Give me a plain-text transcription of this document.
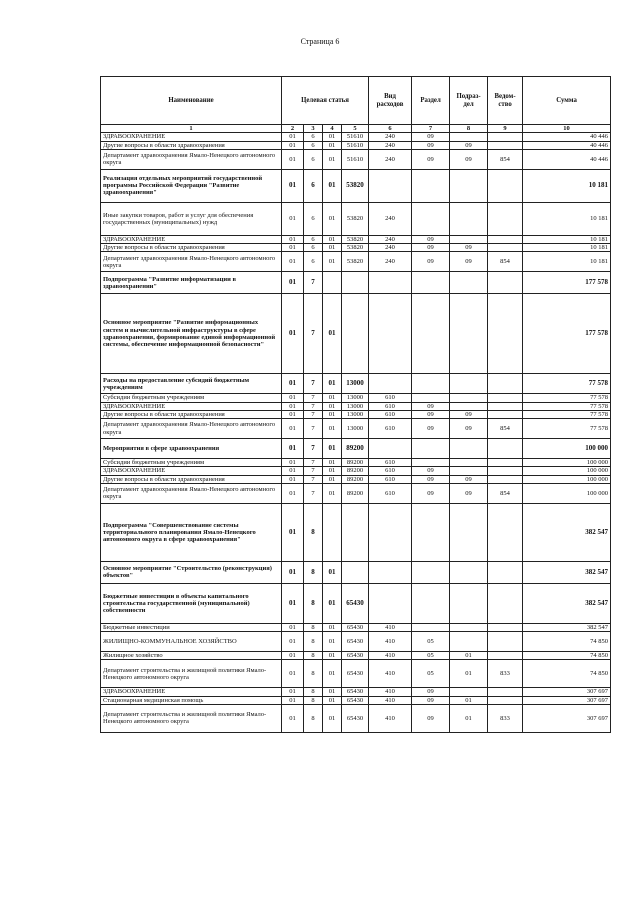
Страница 6
Наименование	Целевая статья				Вид расходов	Раздел	Подраз-дел	Ведом-ство	Сумма
1	2	3	4	5	6	7	8	9	10
ЗДРАВООХРАНЕНИЕ	01	6	01	51610	240	09			40 446
Другие вопросы в области здравоохранения	01	6	01	51610	240	09	09		40 446
Департамент здравоохранения Ямало-Ненецкого автономного округа	01	6	01	51610	240	09	09	854	40 446
Реализация отдельных мероприятий государственной программы Российской Федерации "Развитие здравоохранения"	01	6	01	53820					10 181
Иные закупки товаров, работ и услуг для обеспечения государственных (муниципальных) нужд	01	6	01	53820	240				10 181
ЗДРАВООХРАНЕНИЕ	01	6	01	53820	240	09			10 181
Другие вопросы в области здравоохранения	01	6	01	53820	240	09	09		10 181
Департамент здравоохранения Ямало-Ненецкого автономного округа	01	6	01	53820	240	09	09	854	10 181
Подпрограмма "Развитие информатизации в здравоохранении"	01	7							177 578
Основное мероприятие "Развитие информационных систем и вычислительной инфраструктуры в сфере здравоохранения, формирование единой информационной системы, обеспечение информационной безопасности"	01	7	01						177 578
Расходы на предоставление субсидий бюджетным учреждениям	01	7	01	13000					77 578
Субсидии бюджетным учреждениям	01	7	01	13000	610				77 578
ЗДРАВООХРАНЕНИЕ	01	7	01	13000	610	09			77 578
Другие вопросы в области здравоохранения	01	7	01	13000	610	09	09		77 578
Департамент здравоохранения Ямало-Ненецкого автономного округа	01	7	01	13000	610	09	09	854	77 578
Мероприятия в сфере здравоохранения	01	7	01	89200					100 000
Субсидии бюджетным учреждениям	01	7	01	89200	610				100 000
ЗДРАВООХРАНЕНИЕ	01	7	01	89200	610	09			100 000
Другие вопросы в области здравоохранения	01	7	01	89200	610	09	09		100 000
Департамент здравоохранения Ямало-Ненецкого автономного округа	01	7	01	89200	610	09	09	854	100 000
Подпрограмма "Совершенствование системы территориального планирования Ямало-Ненецкого автономного округа в сфере здравоохранения"	01	8							382 547
Основное мероприятие "Строительство (реконструкция) объектов"	01	8	01						382 547
Бюджетные инвестиции в объекты капитального строительства государственной (муниципальной) собственности	01	8	01	65430					382 547
Бюджетные инвестиции	01	8	01	65430	410				382 547
ЖИЛИЩНО-КОММУНАЛЬНОЕ ХОЗЯЙСТВО	01	8	01	65430	410	05			74 850
Жилищное хозяйство	01	8	01	65430	410	05	01		74 850
Департамент строительства и жилищной политики Ямало-Ненецкого автономного округа	01	8	01	65430	410	05	01	833	74 850
ЗДРАВООХРАНЕНИЕ	01	8	01	65430	410	09			307 697
Стационарная медицинская помощь	01	8	01	65430	410	09	01		307 697
Департамент строительства и жилищной политики Ямало-Ненецкого автономного округа	01	8	01	65430	410	09	01	833	307 697
